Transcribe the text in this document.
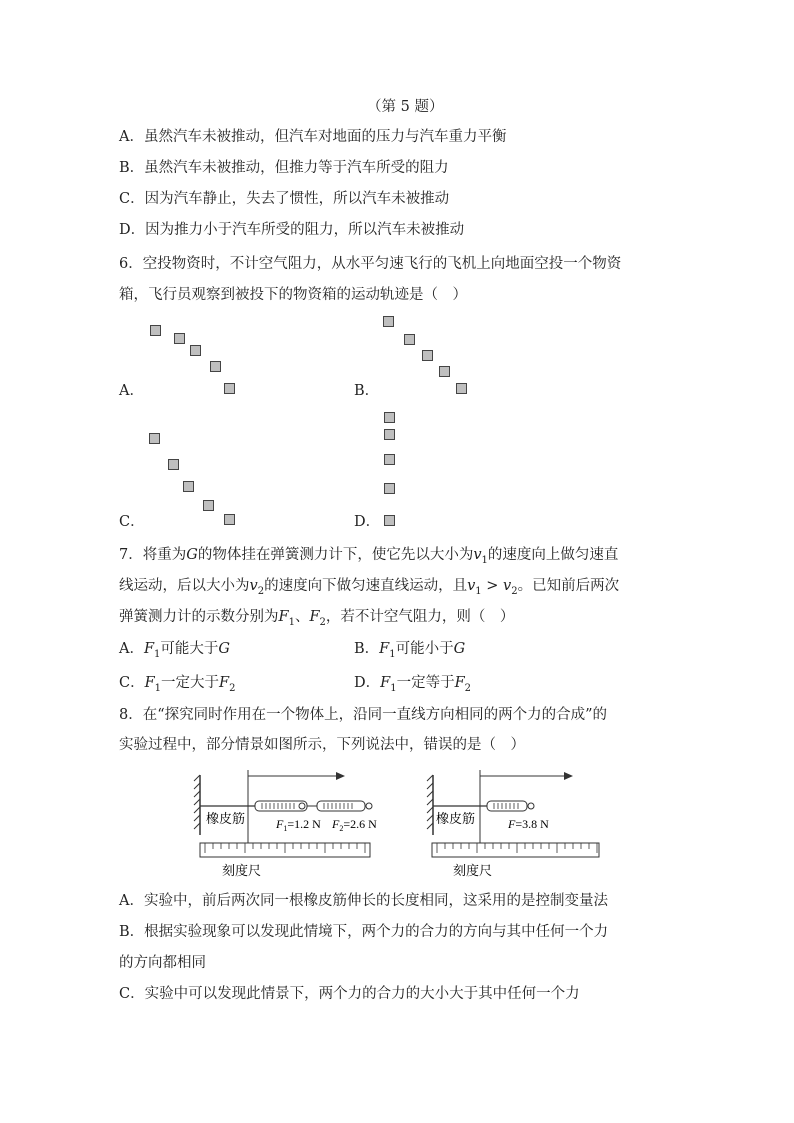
（第 5 题）
A．虽然汽车未被推动，但汽车对地面的压力与汽车重力平衡
B．虽然汽车未被推动，但推力等于汽车所受的阻力
C．因为汽车静止，失去了惯性，所以汽车未被推动
D．因为推力小于汽车所受的阻力，所以汽车未被推动
6．空投物资时，不计空气阻力，从水平匀速飞行的飞机上向地面空投一个物资
箱，飞行员观察到被投下的物资箱的运动轨迹是（　）
A．	B．
C．	D．
7．将重为G的物体挂在弹簧测力计下，使它先以大小为$v_1$的速度向上做匀速直
线运动，后以大小为$v_2$的速度向下做匀速直线运动，且$v_1 > v_2$。已知前后两次
弹簧测力计的示数分别为$F_1$、$F_2$，若不计空气阻力，则（　）
A．$F_1$可能大于G	B．$F_1$可能小于G
C．$F_1$一定大于$F_2$	D．$F_1$一定等于$F_2$
8．在“探究同时作用在一个物体上，沿同一直线方向相同的两个力的合成”的
实验过程中，部分情景如图所示，下列说法中，错误的是（　）
橡皮筋	$F_1=1.2$ N $F_2=2.6$ N
刻度尺
橡皮筋	F=3.8 N
刻度尺
A．实验中，前后两次同一根橡皮筋伸长的长度相同，这采用的是控制变量法
B．根据实验现象可以发现此情境下，两个力的合力的方向与其中任何一个力
的方向都相同
C．实验中可以发现此情景下，两个力的合力的大小大于其中任何一个力
